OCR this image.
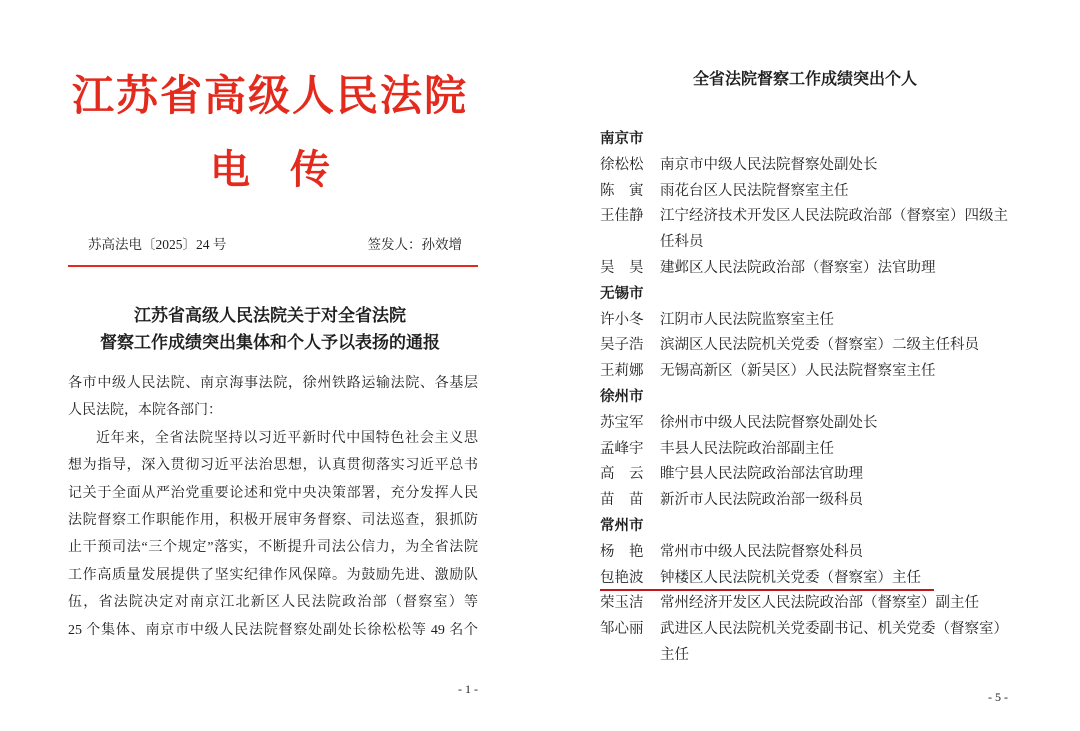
江苏省高级人民法院
电　传
苏高法电〔2025〕24 号	签发人：孙效增
江苏省高级人民法院关于对全省法院
督察工作成绩突出集体和个人予以表扬的通报
各市中级人民法院、南京海事法院，徐州铁路运输法院、各基层
人民法院，本院各部门：
近年来，全省法院坚持以习近平新时代中国特色社会主义思
想为指导，深入贯彻习近平法治思想，认真贯彻落实习近平总书
记关于全面从严治党重要论述和党中央决策部署，充分发挥人民
法院督察工作职能作用，积极开展审务督察、司法巡查，狠抓防
止干预司法“三个规定”落实，不断提升司法公信力，为全省法院
工作高质量发展提供了坚实纪律作风保障。为鼓励先进、激励队
伍，省法院决定对南京江北新区人民法院政治部（督察室）等
25 个集体、南京市中级人民法院督察处副处长徐松松等 49 名个
- 1 -
全省法院督察工作成绩突出个人
南京市
徐松松	南京市中级人民法院督察处副处长
陈　寅	雨花台区人民法院督察室主任
王佳静	江宁经济技术开发区人民法院政治部（督察室）四级主任科员
吴　昊	建邺区人民法院政治部（督察室）法官助理
无锡市
许小冬	江阴市人民法院监察室主任
吴子浩	滨湖区人民法院机关党委（督察室）二级主任科员
王莉娜	无锡高新区（新吴区）人民法院督察室主任
徐州市
苏宝军	徐州市中级人民法院督察处副处长
孟峰宇	丰县人民法院政治部副主任
高　云	睢宁县人民法院政治部法官助理
苗　苗	新沂市人民法院政治部一级科员
常州市
杨　艳	常州市中级人民法院督察处科员
包艳波	钟楼区人民法院机关党委（督察室）主任
荣玉洁	常州经济开发区人民法院政治部（督察室）副主任
邹心丽	武进区人民法院机关党委副书记、机关党委（督察室）主任
- 5 -
